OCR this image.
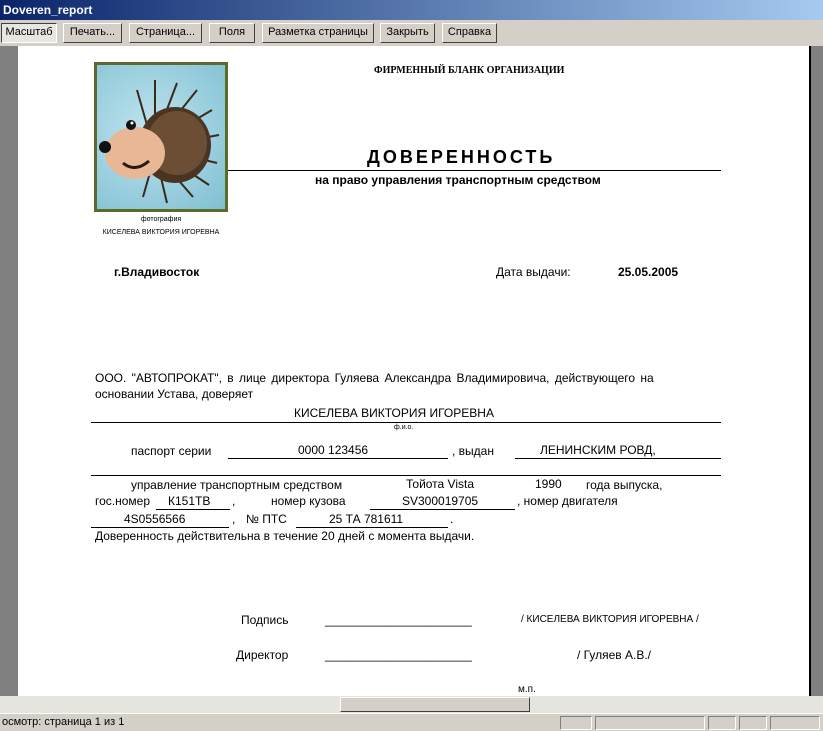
Doveren_report
Масштаб	Печать...	Страница...	Поля	Разметка страницы	Закрыть	Справка
фотография
КИСЕЛЕВА ВИКТОРИЯ ИГОРЕВНА
ФИРМЕННЫЙ БЛАНК ОРГАНИЗАЦИИ
ДОВЕРЕННОСТЬ
на право управления транспортным средством
г.Владивосток	Дата выдачи:	25.05.2005
ООО. "АВТОПРОКАТ", в лице директора Гуляева Александра Владимировича, действующего на
основании Устава, доверяет
КИСЕЛЕВА ВИКТОРИЯ ИГОРЕВНА
ф.и.о.
паспорт серии	0000 123456	, выдан	ЛЕНИНСКИМ РОВД,
управление транспортным средством	Тойота Vista	1990 года выпуска,
гос.номер К151ТВ ,	номер кузова	SV300019705	, номер двигателя
4S0556566	, № ПТС	25 ТА 781611	.
Доверенность действительна в течение 20 дней с момента выдачи.
Подпись	______________________	/ КИСЕЛЕВА ВИКТОРИЯ ИГОРЕВНА /
Директор	______________________	/ Гуляев А.В./
м.п.
осмотр: страница 1 из 1
